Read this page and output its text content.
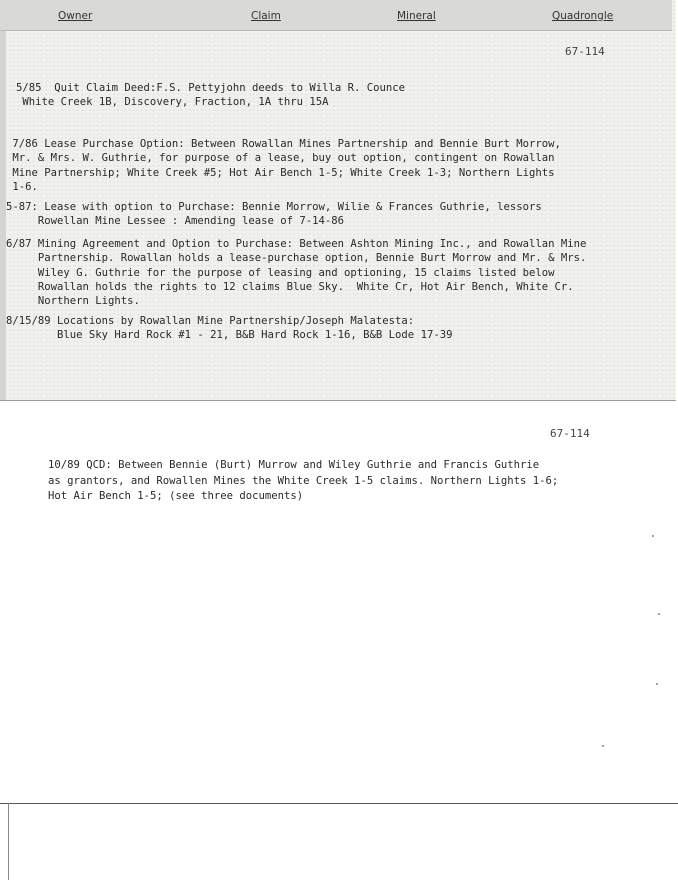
Owner	Claim	Mineral	Quadrongle
67-114
5/85  Quit Claim Deed:F.S. Pettyjohn deeds to Willa R. Counce
White Creek 1B, Discovery, Fraction, 1A thru 15A
7/86 Lease Purchase Option: Between Rowallan Mines Partnership and Bennie Burt Morrow,
Mr. & Mrs. W. Guthrie, for purpose of a lease, buy out option, contingent on Rowallan
Mine Partnership; White Creek #5; Hot Air Bench 1-5; White Creek 1-3; Northern Lights
1-6.
5-87: Lease with option to Purchase: Bennie Morrow, Wilie & Frances Guthrie, lessors
Rowellan Mine Lessee : Amending lease of 7-14-86
6/87 Mining Agreement and Option to Purchase: Between Ashton Mining Inc., and Rowallan Mine
Partnership. Rowallan holds a lease-purchase option, Bennie Burt Morrow and Mr. & Mrs.
Wiley G. Guthrie for the purpose of leasing and optioning, 15 claims listed below
Rowallan holds the rights to 12 claims Blue Sky.  White Cr, Hot Air Bench, White Cr.
Northern Lights.
8/15/89 Locations by Rowallan Mine Partnership/Joseph Malatesta:
Blue Sky Hard Rock #1 - 21, B&B Hard Rock 1-16, B&B Lode 17-39
67-114
10/89 QCD: Between Bennie (Burt) Murrow and Wiley Guthrie and Francis Guthrie
as grantors, and Rowallen Mines the White Creek 1-5 claims. Northern Lights 1-6;
Hot Air Bench 1-5; (see three documents)
